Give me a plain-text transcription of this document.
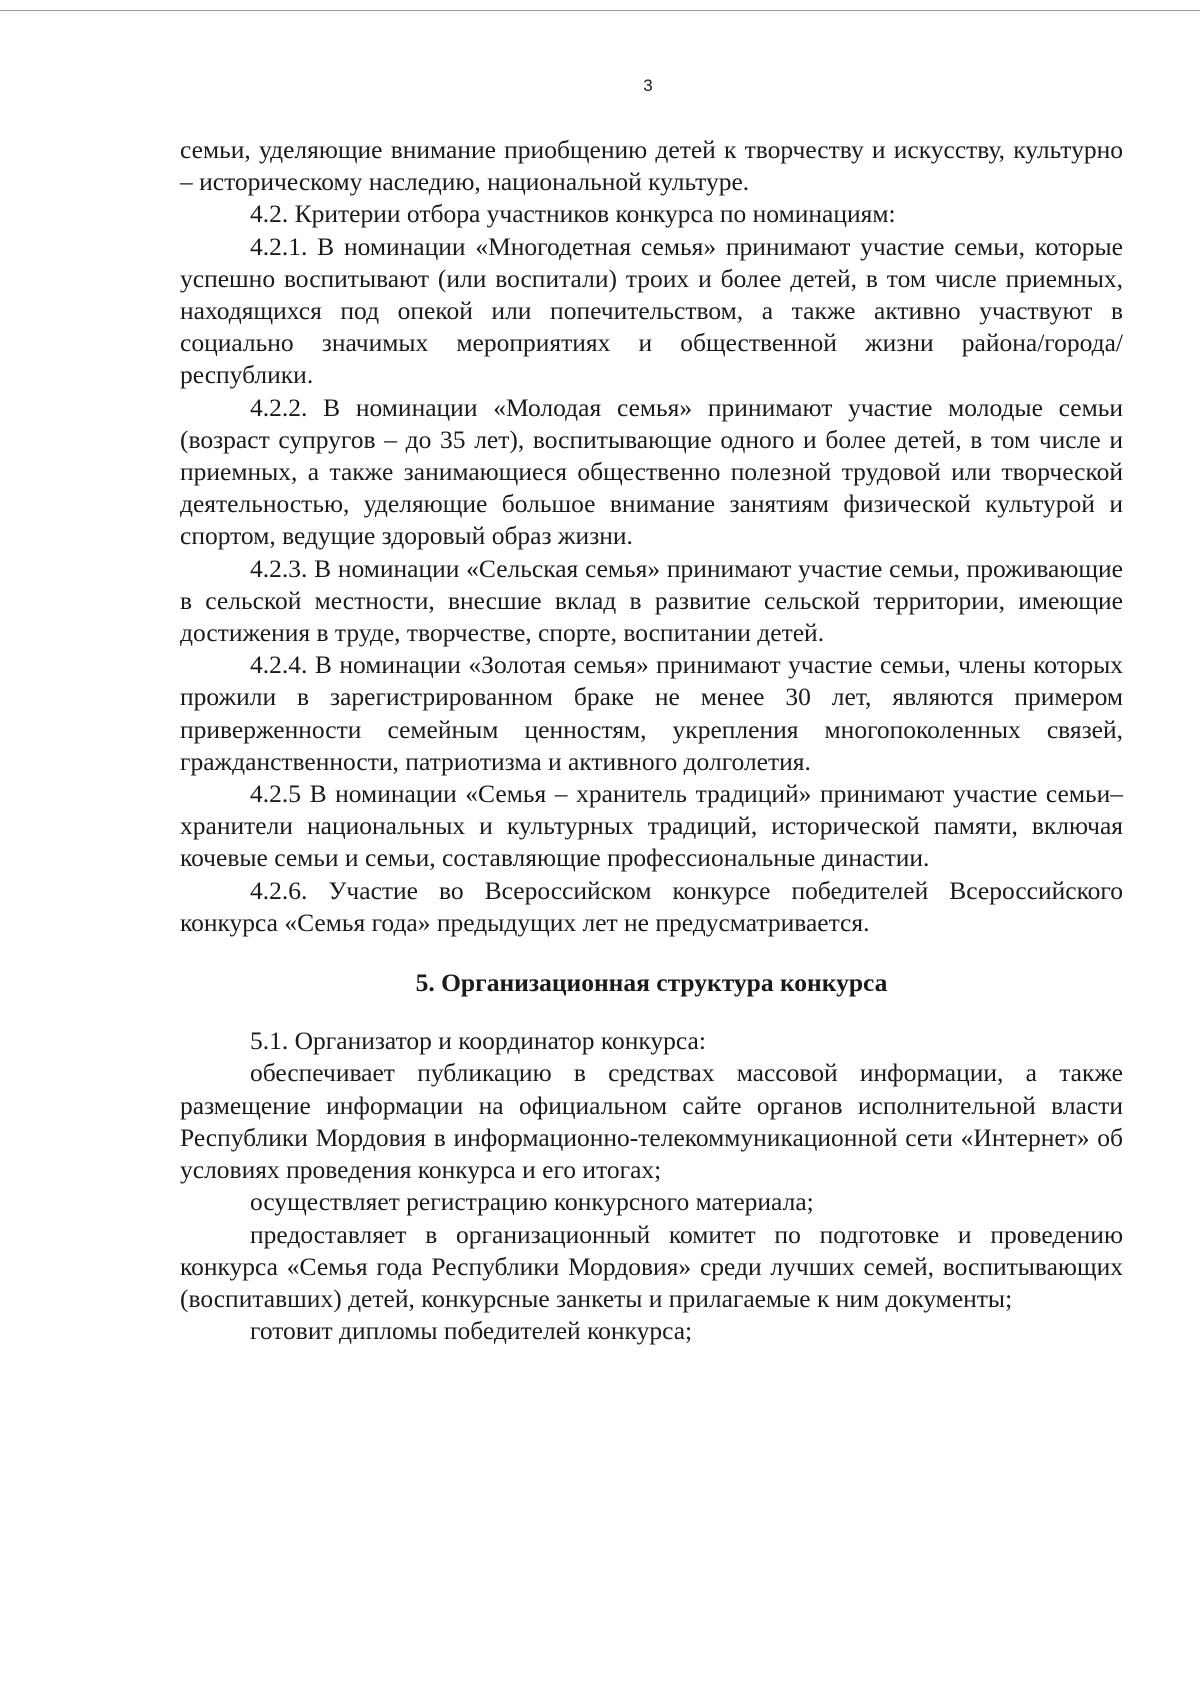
3

семьи, уделяющие внимание приобщению детей к творчеству и искусству, культурно – историческому наследию, национальной культуре.

4.2. Критерии отбора участников конкурса по номинациям:

4.2.1. В номинации «Многодетная семья» принимают участие семьи, которые успешно воспитывают (или воспитали) троих и более детей, в том числе приемных, находящихся под опекой или попечительством, а также активно участвуют в социально значимых мероприятиях и общественной жизни района/города/республики.

4.2.2. В номинации «Молодая семья» принимают участие молодые семьи (возраст супругов – до 35 лет), воспитывающие одного и более детей, в том числе и приемных, а также занимающиеся общественно полезной трудовой или творческой деятельностью, уделяющие большое внимание занятиям физической культурой и спортом, ведущие здоровый образ жизни.

4.2.3. В номинации «Сельская семья» принимают участие семьи, проживающие в сельской местности, внесшие вклад в развитие сельской территории, имеющие достижения в труде, творчестве, спорте, воспитании детей.

4.2.4. В номинации «Золотая семья» принимают участие семьи, члены которых прожили в зарегистрированном браке не менее 30 лет, являются примером приверженности семейным ценностям, укрепления многопоколенных связей, гражданственности, патриотизма и активного долголетия.

4.2.5 В номинации «Семья – хранитель традиций» принимают участие семьи– хранители национальных и культурных традиций, исторической памяти, включая кочевые семьи и семьи, составляющие профессиональные династии.

4.2.6. Участие во Всероссийском конкурсе победителей Всероссийского конкурса «Семья года» предыдущих лет не предусматривается.

5. Организационная структура конкурса

5.1. Организатор и координатор конкурса:

обеспечивает публикацию в средствах массовой информации, а также размещение информации на официальном сайте органов исполнительной власти Республики Мордовия в информационно-телекоммуникационной сети «Интернет» об условиях проведения конкурса и его итогах;

осуществляет регистрацию конкурсного материала;

предоставляет в организационный комитет по подготовке и проведению конкурса «Семья года Республики Мордовия» среди лучших семей, воспитывающих (воспитавших) детей, конкурсные занкеты и прилагаемые к ним документы;

готовит дипломы победителей конкурса;
